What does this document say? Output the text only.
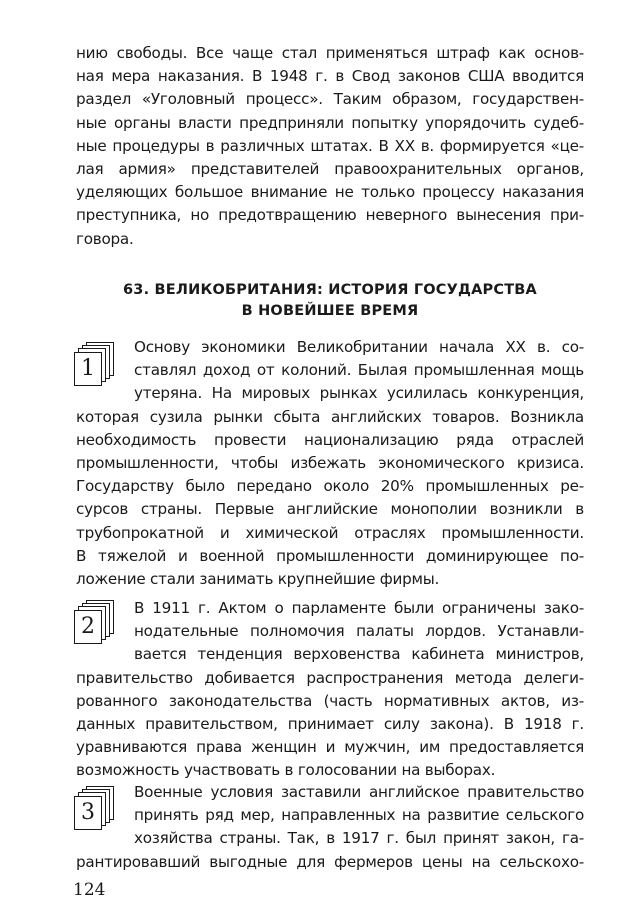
нию свободы. Все чаще стал применяться штраф как основ-
ная мера наказания. В 1948 г. в Свод законов США вводится
раздел «Уголовный процесс». Таким образом, государствен-
ные органы власти предприняли попытку упорядочить судеб-
ные процедуры в различных штатах. В XX в. формируется «це-
лая армия» представителей правоохранительных органов,
уделяющих большое внимание не только процессу наказания
преступника, но предотвращению неверного вынесения при-
говора.
63. ВЕЛИКОБРИТАНИЯ: ИСТОРИЯ ГОСУДАРСТВА
В НОВЕЙШЕЕ ВРЕМЯ
1
Основу экономики Великобритании начала XX в. со-
ставлял доход от колоний. Былая промышленная мощь
утеряна. На мировых рынках усилилась конкуренция,
которая сузила рынки сбыта английских товаров. Возникла
необходимость провести национализацию ряда отраслей
промышленности, чтобы избежать экономического кризиса.
Государству было передано около 20% промышленных ре-
сурсов страны. Первые английские монополии возникли в
трубопрокатной и химической отраслях промышленности.
В тяжелой и военной промышленности доминирующее по-
ложение стали занимать крупнейшие фирмы.
2
В 1911 г. Актом о парламенте были ограничены зако-
нодательные полномочия палаты лордов. Устанавли-
вается тенденция верховенства кабинета министров,
правительство добивается распространения метода делеги-
рованного законодательства (часть нормативных актов, из-
данных правительством, принимает силу закона). В 1918 г.
уравниваются права женщин и мужчин, им предоставляется
возможность участвовать в голосовании на выборах.
3
Военные условия заставили английское правительство
принять ряд мер, направленных на развитие сельского
хозяйства страны. Так, в 1917 г. был принят закон, га-
рантировавший выгодные для фермеров цены на сельскохо-
124
